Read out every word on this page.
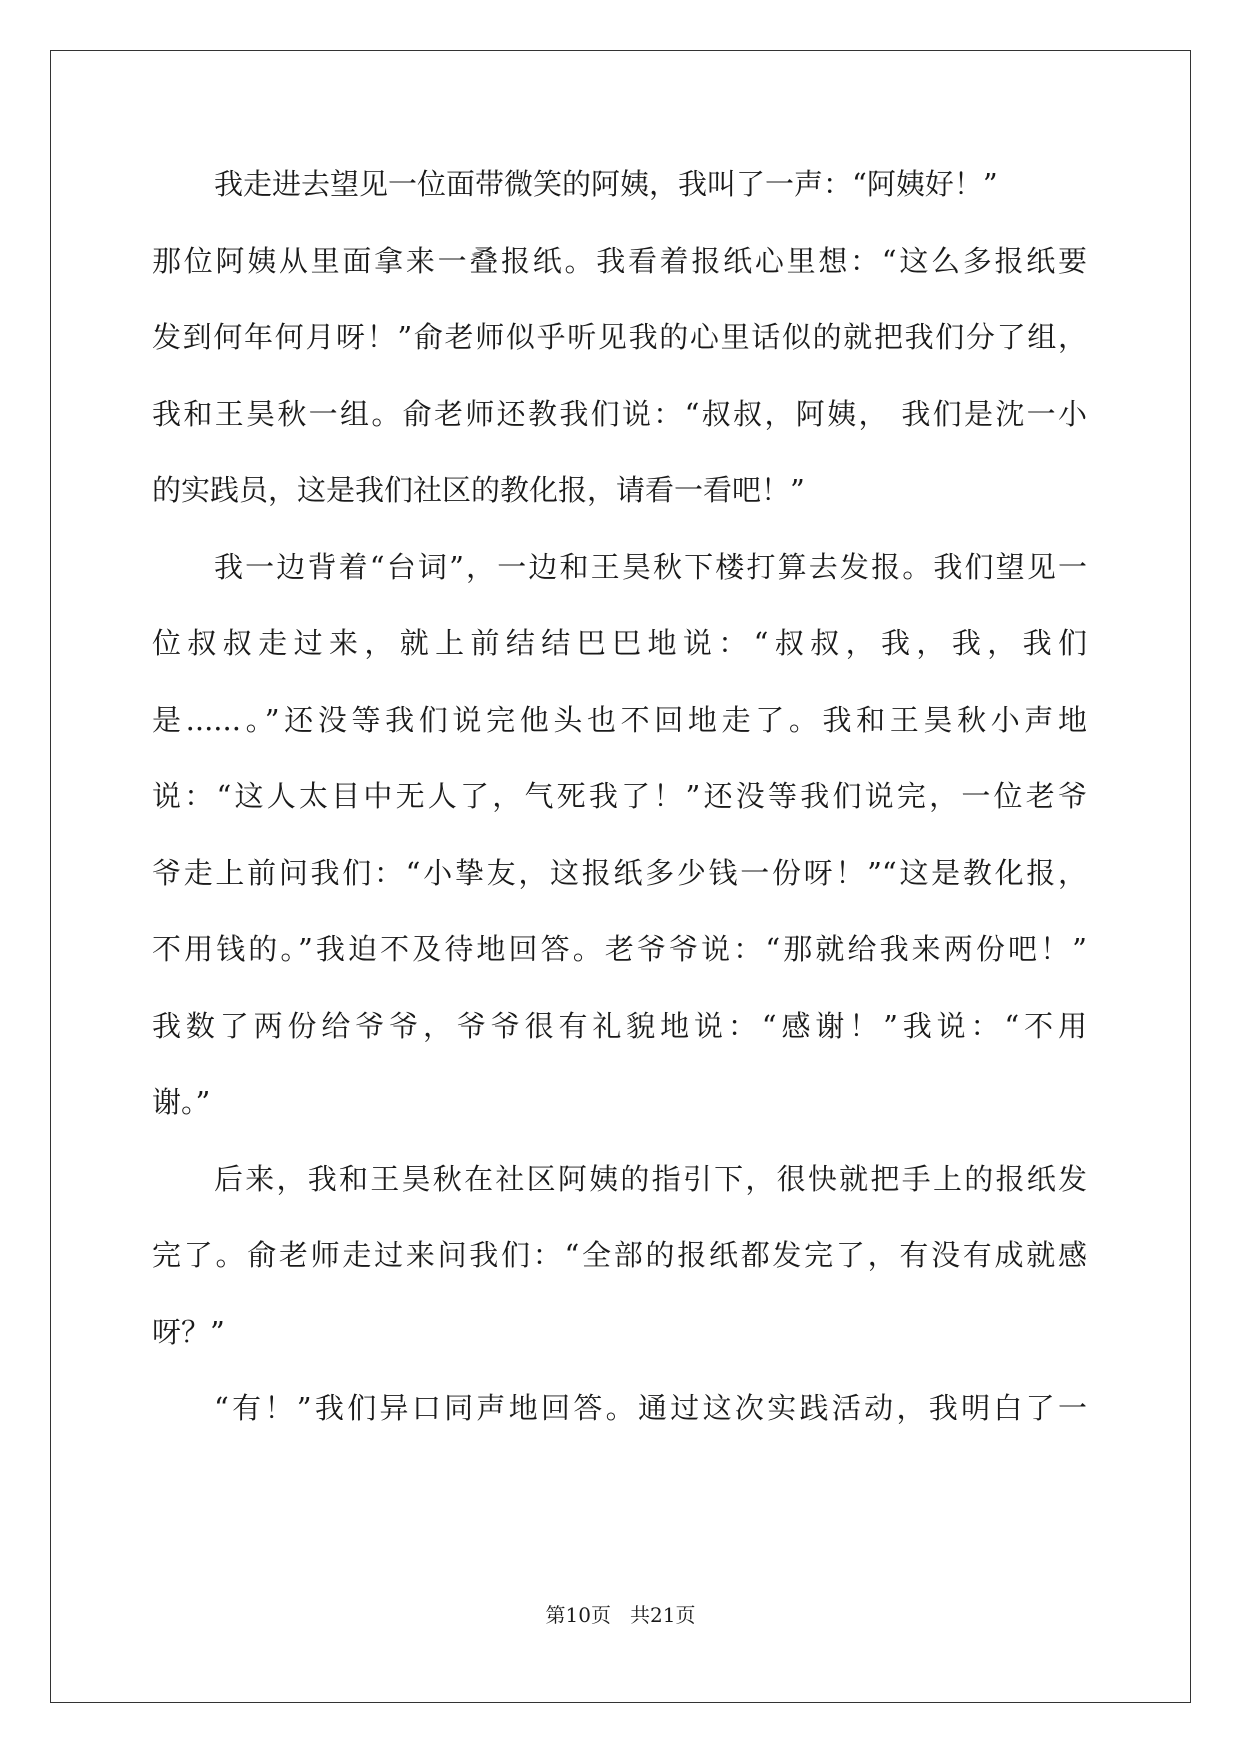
我走进去望见一位面带微笑的阿姨，我叫了一声：“阿姨好！”
那位阿姨从里面拿来一叠报纸。我看着报纸心里想：“这么多报纸要
发到何年何月呀！”俞老师似乎听见我的心里话似的就把我们分了组，
我和王昊秋一组。俞老师还教我们说：“叔叔，阿姨， 我们是沈一小
的实践员，这是我们社区的教化报，请看一看吧！”
我一边背着“台词”，一边和王昊秋下楼打算去发报。我们望见一
位叔叔走过来，就上前结结巴巴地说：“叔叔，我，我，我们
是......。”还没等我们说完他头也不回地走了。我和王昊秋小声地
说：“这人太目中无人了，气死我了！”还没等我们说完，一位老爷
爷走上前问我们：“小挚友，这报纸多少钱一份呀！”“这是教化报，
不用钱的。”我迫不及待地回答。老爷爷说：“那就给我来两份吧！”
我数了两份给爷爷，爷爷很有礼貌地说：“感谢！”我说：“不用
谢。”
后来，我和王昊秋在社区阿姨的指引下，很快就把手上的报纸发
完了。俞老师走过来问我们：“全部的报纸都发完了，有没有成就感
呀？”
“有！”我们异口同声地回答。通过这次实践活动，我明白了一
第10页   共21页
